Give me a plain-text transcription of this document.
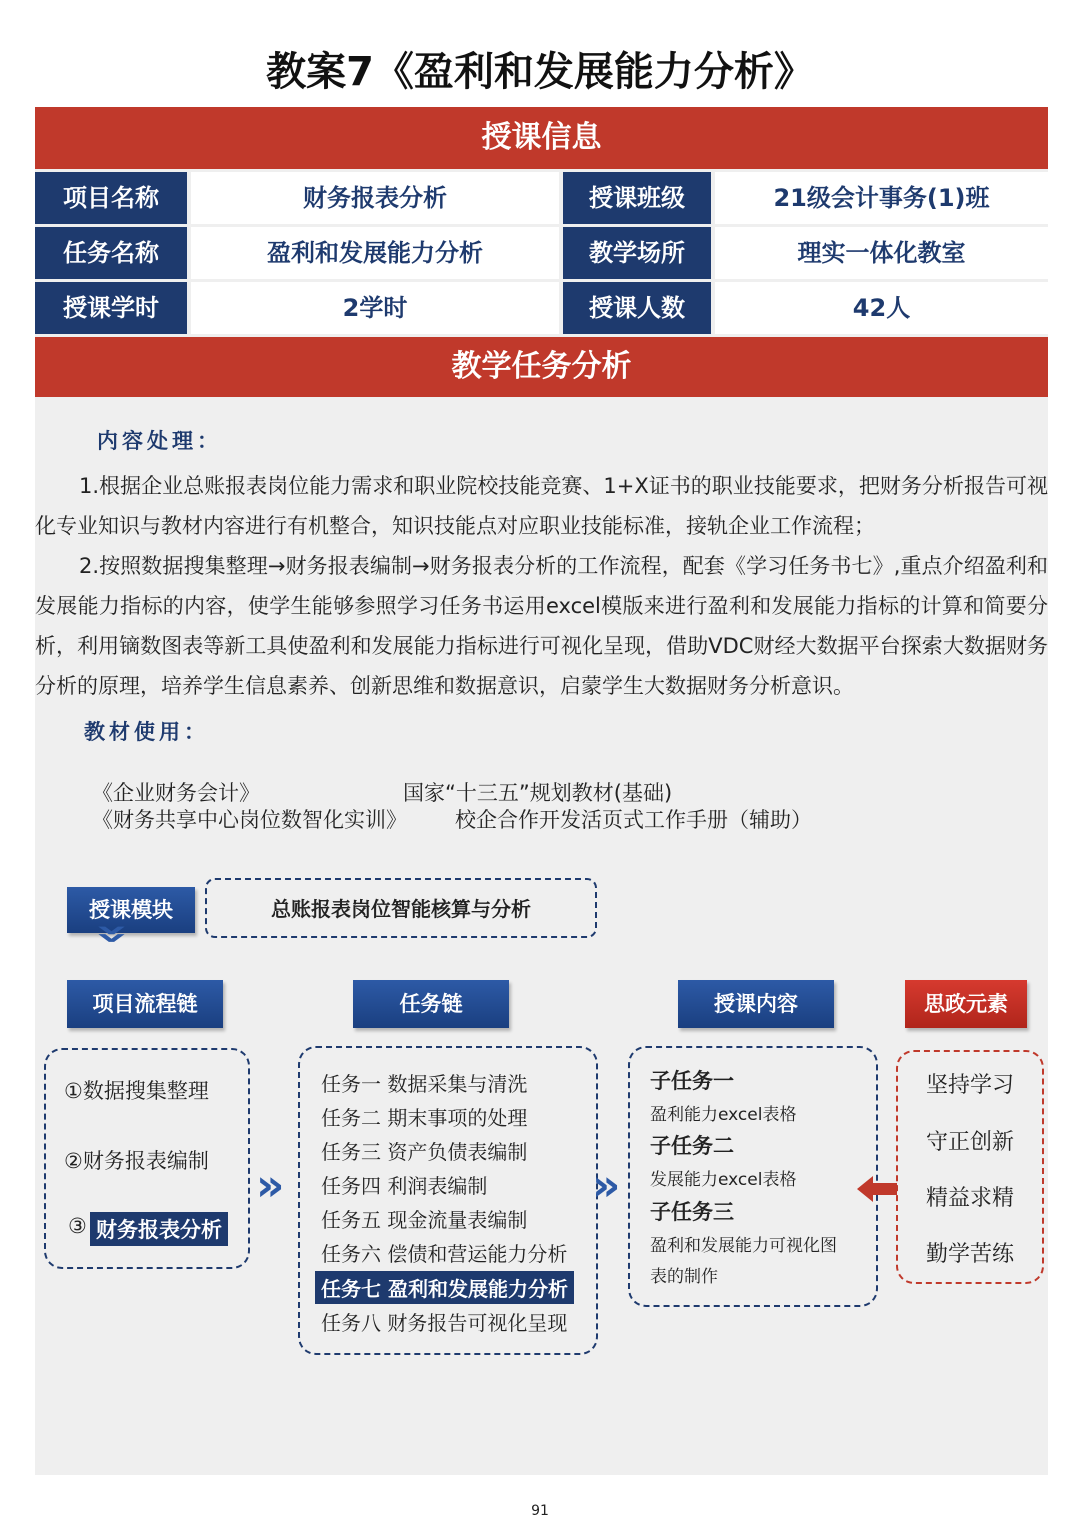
教案7《盈利和发展能力分析》
授课信息
项目名称	财务报表分析	授课班级	21级会计事务(1)班
任务名称	盈利和发展能力分析	教学场所	理实一体化教室
授课学时	2学时	授课人数	42人
教学任务分析
内容处理：
1.根据企业总账报表岗位能力需求和职业院校技能竞赛、1+X证书的职业技能要求，把财务分析报告可视化专业知识与教材内容进行有机整合，知识技能点对应职业技能标准，接轨企业工作流程；
2.按照数据搜集整理→财务报表编制→财务报表分析的工作流程，配套《学习任务书七》,重点介绍盈利和发展能力指标的内容，使学生能够参照学习任务书运用excel模版来进行盈利和发展能力指标的计算和简要分析，利用镝数图表等新工具使盈利和发展能力指标进行可视化呈现，借助VDC财经大数据平台探索大数据财务分析的原理，培养学生信息素养、创新思维和数据意识，启蒙学生大数据财务分析意识。
教材使用：
《企业财务会计》	国家“十三五”规划教材(基础)
《财务共享中心岗位数智化实训》 校企合作开发活页式工作手册（辅助）
授课模块
»
总账报表岗位智能核算与分析
项目流程链	任务链	授课内容	思政元素
①数据搜集整理
②财务报表编制
③ 财务报表分析
»
任务一 数据采集与清洗
任务二 期末事项的处理
任务三 资产负债表编制
任务四 利润表编制
任务五 现金流量表编制
任务六 偿债和营运能力分析
任务七 盈利和发展能力分析
任务八 财务报告可视化呈现
»
子任务一
盈利能力excel表格
子任务二
发展能力excel表格
子任务三
盈利和发展能力可视化图
表的制作
坚持学习
守正创新
精益求精
勤学苦练
91
